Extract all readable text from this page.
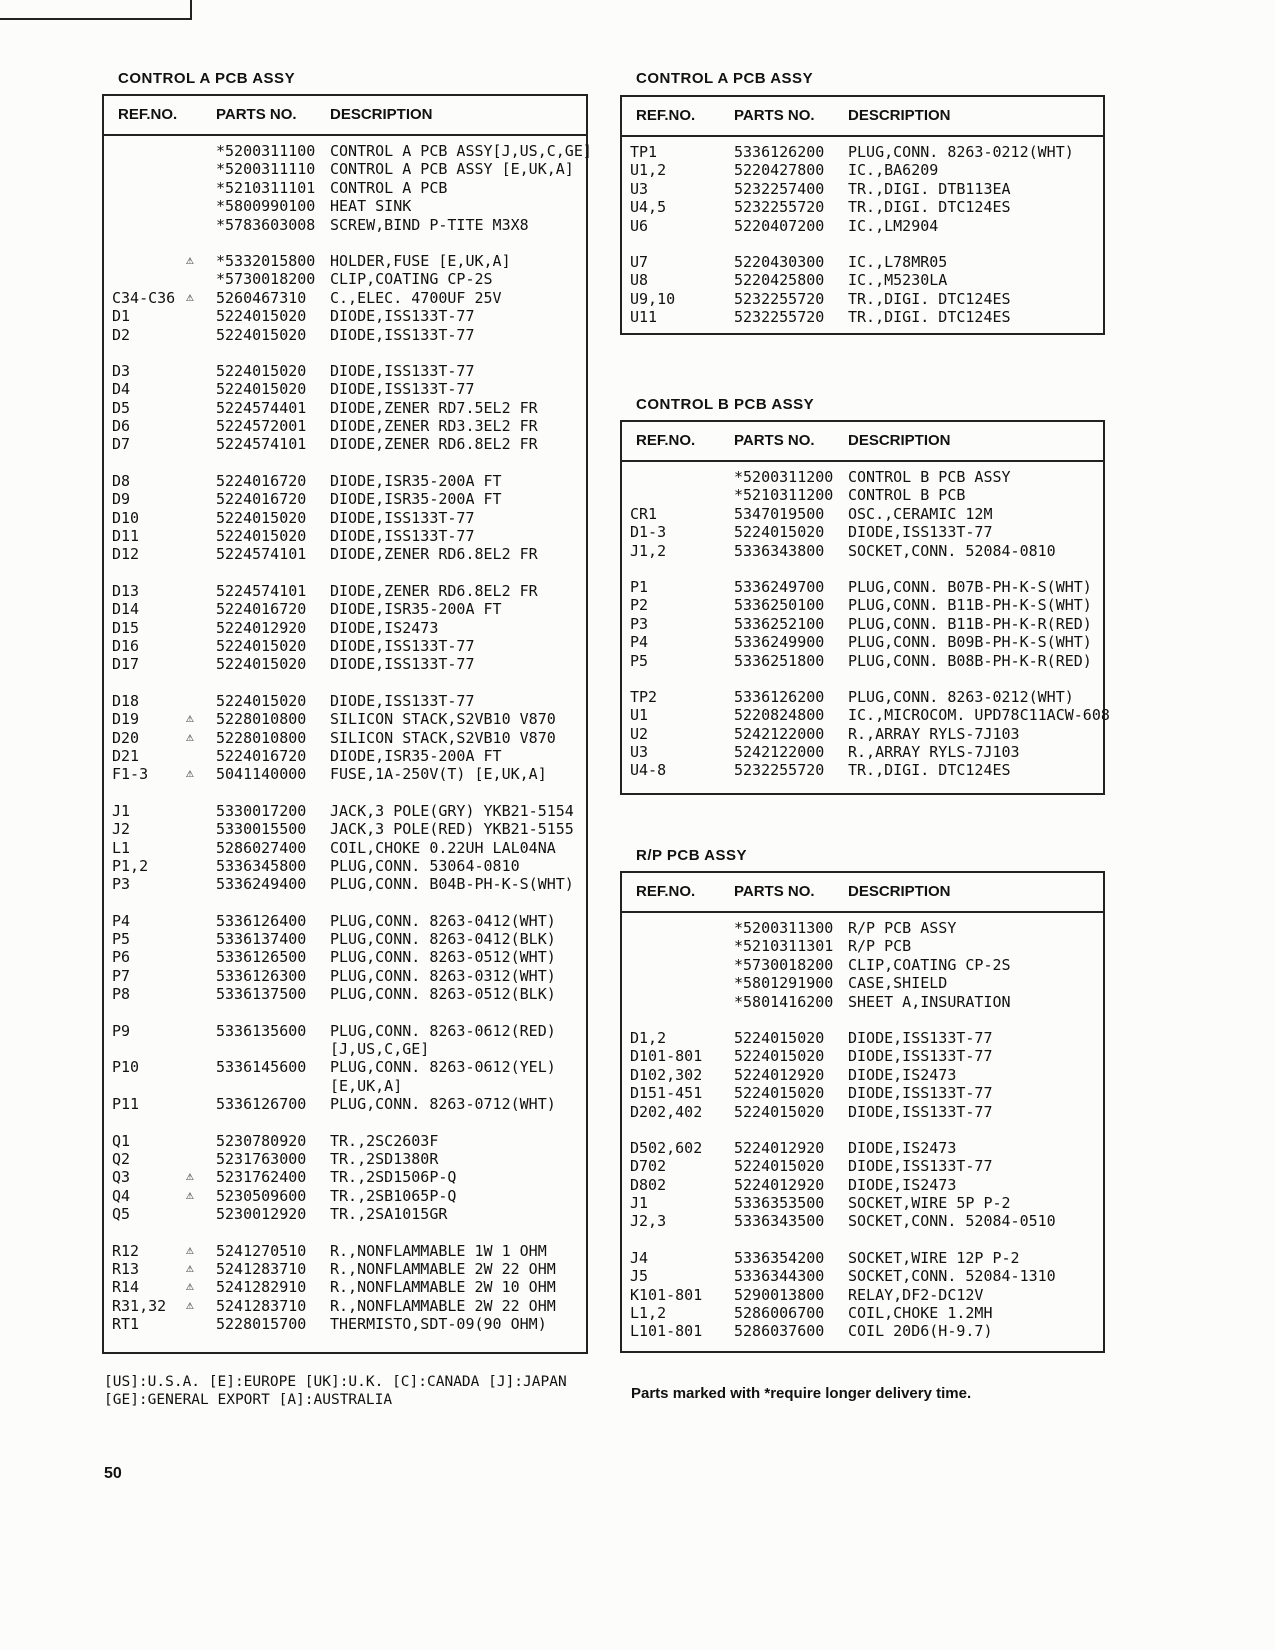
CONTROL A PCB ASSY	CONTROL A PCB ASSY
CONTROL B PCB ASSY
R/P PCB ASSY
REF.NO.	PARTS NO. DESCRIPTION
*5200311100 CONTROL A PCB ASSY[J,US,C,GE]
*5200311110 CONTROL A PCB ASSY [E,UK,A]
*5210311101 CONTROL A PCB
*5800990100 HEAT SINK
*5783603008 SCREW,BIND P-TITE M3X8
⚠ *5332015800 HOLDER,FUSE [E,UK,A]
*5730018200 CLIP,COATING CP-2S
C34-C36 ⚠ 5260467310 C.,ELEC. 4700UF 25V
D1	5224015020 DIODE,ISS133T-77
D2	5224015020 DIODE,ISS133T-77
D3	5224015020 DIODE,ISS133T-77
D4	5224015020 DIODE,ISS133T-77
D5	5224574401 DIODE,ZENER RD7.5EL2 FR
D6	5224572001 DIODE,ZENER RD3.3EL2 FR
D7	5224574101 DIODE,ZENER RD6.8EL2 FR
D8	5224016720 DIODE,ISR35-200A FT
D9	5224016720 DIODE,ISR35-200A FT
D10	5224015020 DIODE,ISS133T-77
D11	5224015020 DIODE,ISS133T-77
D12	5224574101 DIODE,ZENER RD6.8EL2 FR
D13	5224574101 DIODE,ZENER RD6.8EL2 FR
D14	5224016720 DIODE,ISR35-200A FT
D15	5224012920 DIODE,IS2473
D16	5224015020 DIODE,ISS133T-77
D17	5224015020 DIODE,ISS133T-77
D18	5224015020 DIODE,ISS133T-77
D19	⚠ 5228010800 SILICON STACK,S2VB10 V870
D20	⚠ 5228010800 SILICON STACK,S2VB10 V870
D21	5224016720 DIODE,ISR35-200A FT
F1-3	⚠ 5041140000 FUSE,1A-250V(T) [E,UK,A]
J1	5330017200 JACK,3 POLE(GRY) YKB21-5154
J2	5330015500 JACK,3 POLE(RED) YKB21-5155
L1	5286027400 COIL,CHOKE 0.22UH LAL04NA
P1,2	5336345800 PLUG,CONN. 53064-0810
P3	5336249400 PLUG,CONN. B04B-PH-K-S(WHT)
P4	5336126400 PLUG,CONN. 8263-0412(WHT)
P5	5336137400 PLUG,CONN. 8263-0412(BLK)
P6	5336126500 PLUG,CONN. 8263-0512(WHT)
P7	5336126300 PLUG,CONN. 8263-0312(WHT)
P8	5336137500 PLUG,CONN. 8263-0512(BLK)
P9	5336135600 PLUG,CONN. 8263-0612(RED)
[J,US,C,GE]
P10	5336145600 PLUG,CONN. 8263-0612(YEL)
[E,UK,A]
P11	5336126700 PLUG,CONN. 8263-0712(WHT)
Q1	5230780920 TR.,2SC2603F
Q2	5231763000 TR.,2SD1380R
Q3	⚠ 5231762400 TR.,2SD1506P-Q
Q4	⚠ 5230509600 TR.,2SB1065P-Q
Q5	5230012920 TR.,2SA1015GR
R12	⚠ 5241270510 R.,NONFLAMMABLE 1W 1 OHM
R13	⚠ 5241283710 R.,NONFLAMMABLE 2W 22 OHM
R14	⚠ 5241282910 R.,NONFLAMMABLE 2W 10 OHM
R31,32 ⚠ 5241283710 R.,NONFLAMMABLE 2W 22 OHM
RT1	5228015700 THERMISTO,SDT-09(90 OHM)
REF.NO.	PARTS NO. DESCRIPTION
TP1	5336126200 PLUG,CONN. 8263-0212(WHT)
U1,2	5220427800 IC.,BA6209
U3	5232257400 TR.,DIGI. DTB113EA
U4,5	5232255720 TR.,DIGI. DTC124ES
U6	5220407200 IC.,LM2904
U7	5220430300 IC.,L78MR05
U8	5220425800 IC.,M5230LA
U9,10	5232255720 TR.,DIGI. DTC124ES
U11	5232255720 TR.,DIGI. DTC124ES
REF.NO.	PARTS NO. DESCRIPTION
*5200311200 CONTROL B PCB ASSY
*5210311200 CONTROL B PCB
CR1	5347019500 OSC.,CERAMIC 12M
D1-3	5224015020 DIODE,ISS133T-77
J1,2	5336343800 SOCKET,CONN. 52084-0810
P1	5336249700 PLUG,CONN. B07B-PH-K-S(WHT)
P2	5336250100 PLUG,CONN. B11B-PH-K-S(WHT)
P3	5336252100 PLUG,CONN. B11B-PH-K-R(RED)
P4	5336249900 PLUG,CONN. B09B-PH-K-S(WHT)
P5	5336251800 PLUG,CONN. B08B-PH-K-R(RED)
TP2	5336126200 PLUG,CONN. 8263-0212(WHT)
U1	5220824800 IC.,MICROCOM. UPD78C11ACW-608
U2	5242122000 R.,ARRAY RYLS-7J103
U3	5242122000 R.,ARRAY RYLS-7J103
U4-8	5232255720 TR.,DIGI. DTC124ES
REF.NO.	PARTS NO. DESCRIPTION
*5200311300 R/P PCB ASSY
*5210311301 R/P PCB
*5730018200 CLIP,COATING CP-2S
*5801291900 CASE,SHIELD
*5801416200 SHEET A,INSURATION
D1,2	5224015020 DIODE,ISS133T-77
D101-801 5224015020 DIODE,ISS133T-77
D102,302 5224012920 DIODE,IS2473
D151-451 5224015020 DIODE,ISS133T-77
D202,402 5224015020 DIODE,ISS133T-77
D502,602 5224012920 DIODE,IS2473
D702	5224015020 DIODE,ISS133T-77
D802	5224012920 DIODE,IS2473
J1	5336353500 SOCKET,WIRE 5P P-2
J2,3	5336343500 SOCKET,CONN. 52084-0510
J4	5336354200 SOCKET,WIRE 12P P-2
J5	5336344300 SOCKET,CONN. 52084-1310
K101-801 5290013800 RELAY,DF2-DC12V
L1,2	5286006700 COIL,CHOKE 1.2MH
L101-801 5286037600 COIL 20D6(H-9.7)
[US]:U.S.A. [E]:EUROPE [UK]:U.K. [C]:CANADA [J]:JAPAN
[GE]:GENERAL EXPORT [A]:AUSTRALIA	Parts marked with *require longer delivery time.
50
